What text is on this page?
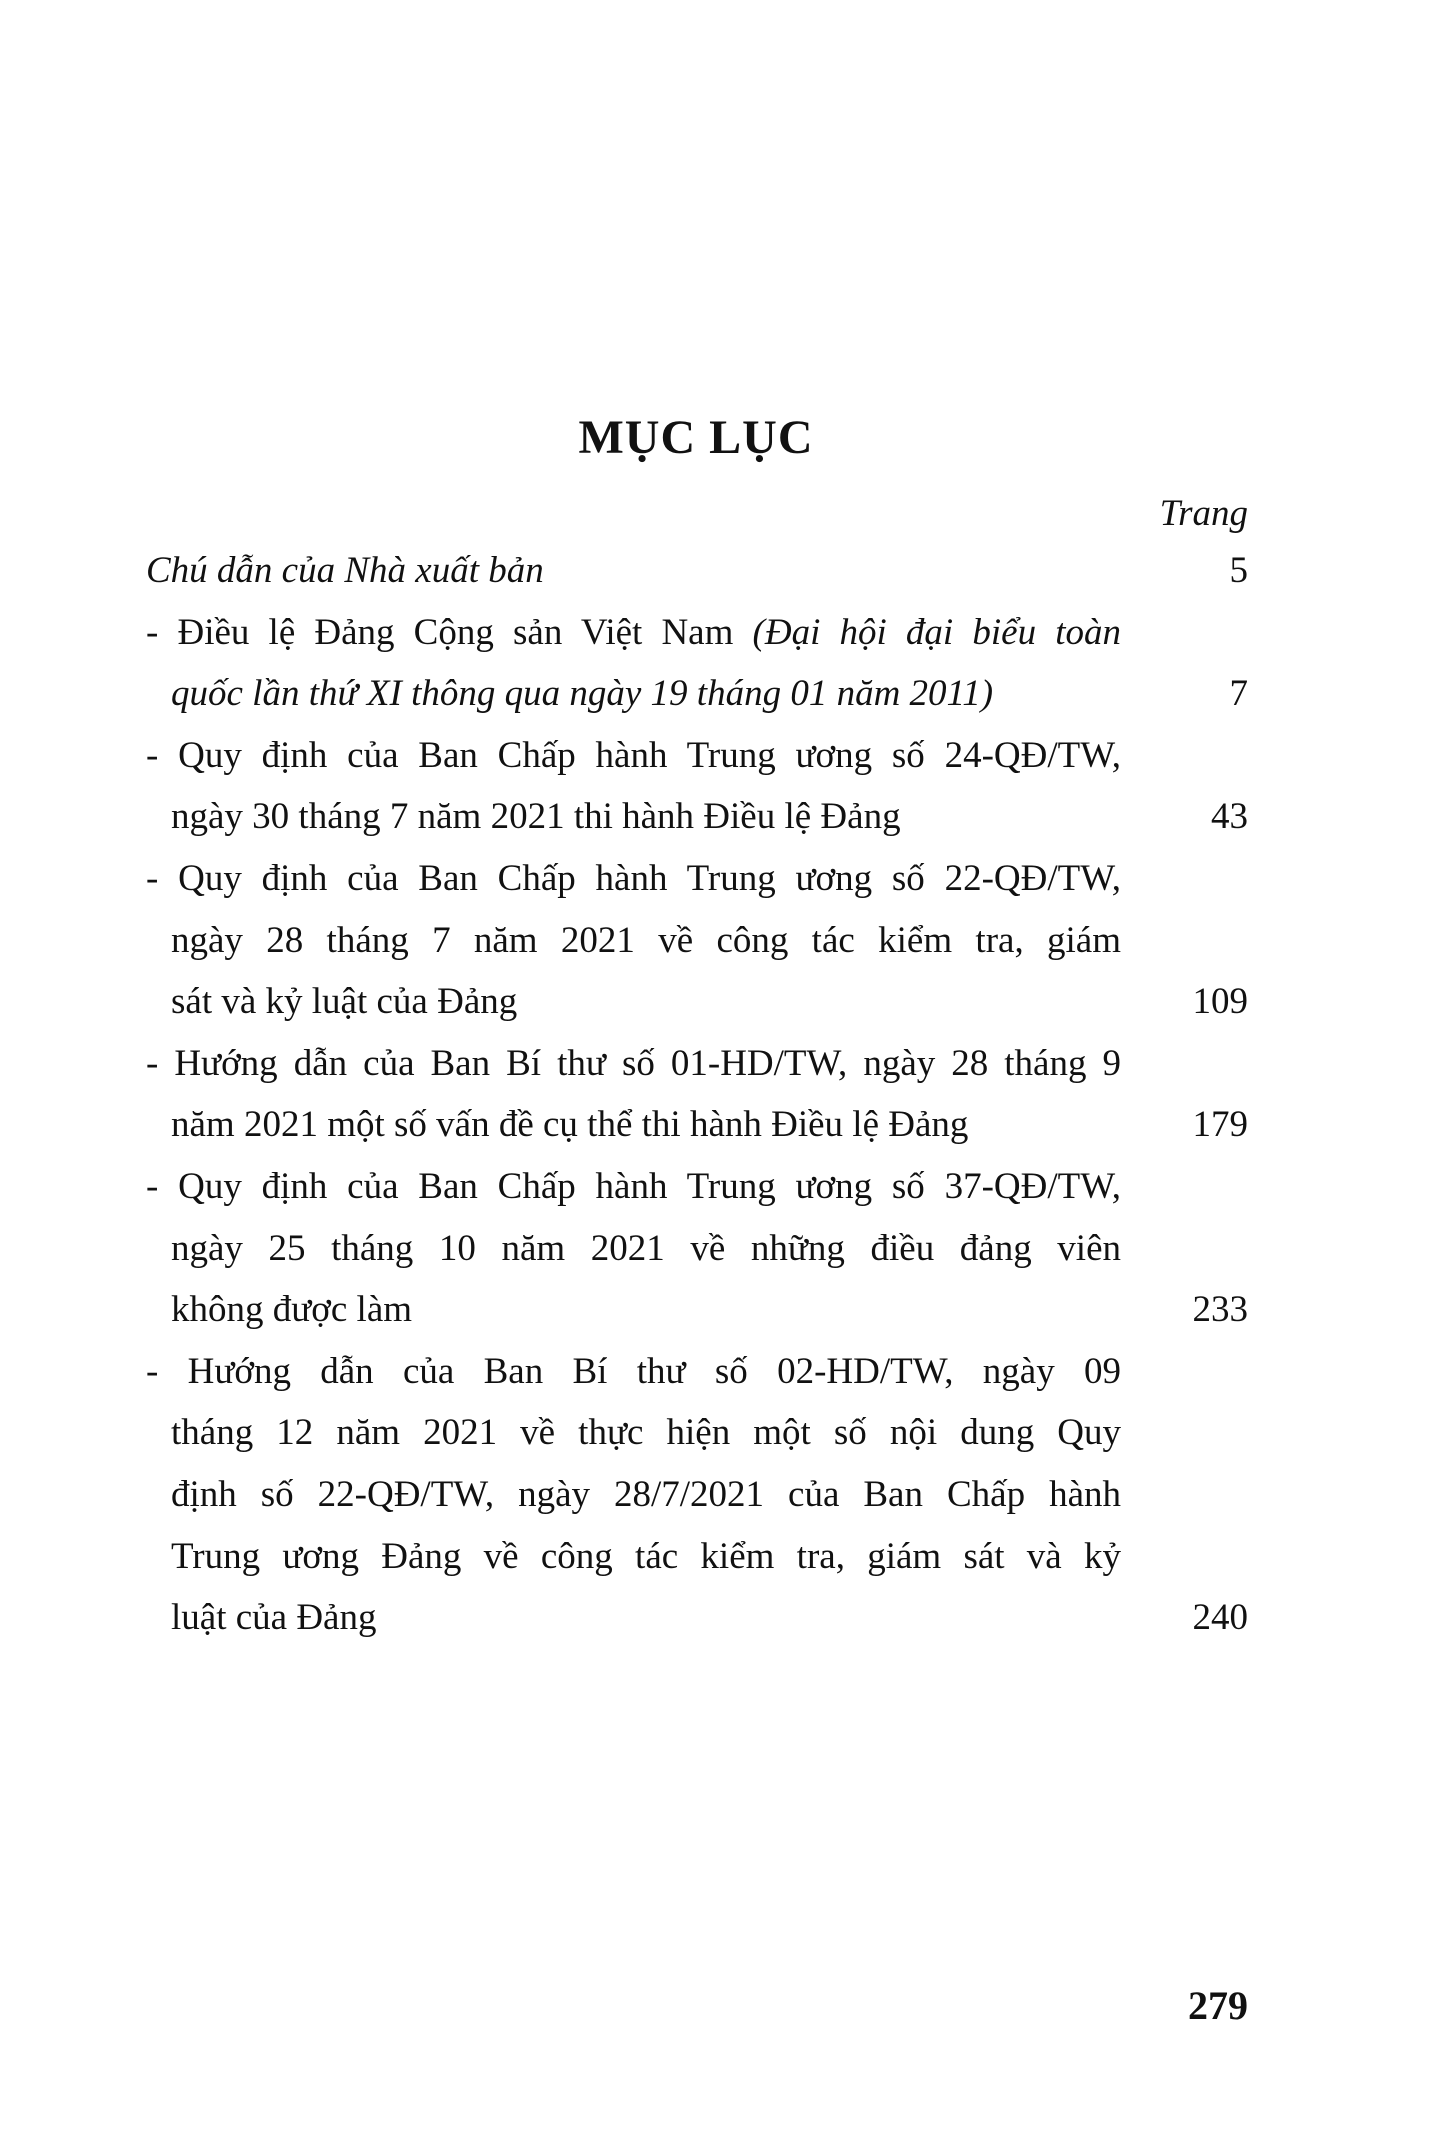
MỤC LỤC
Trang
Chú dẫn của Nhà xuất bản	5
- Điều lệ Đảng Cộng sản Việt Nam (Đại hội đại biểu toàn
quốc lần thứ XI thông qua ngày 19 tháng 01 năm 2011)	7
- Quy định của Ban Chấp hành Trung ương số 24-QĐ/TW,
ngày 30 tháng 7 năm 2021 thi hành Điều lệ Đảng	43
- Quy định của Ban Chấp hành Trung ương số 22-QĐ/TW,
ngày 28 tháng 7 năm 2021 về công tác kiểm tra, giám
sát và kỷ luật của Đảng	109
- Hướng dẫn của Ban Bí thư số 01-HD/TW, ngày 28 tháng 9
năm 2021 một số vấn đề cụ thể thi hành Điều lệ Đảng	179
- Quy định của Ban Chấp hành Trung ương số 37-QĐ/TW,
ngày 25 tháng 10 năm 2021 về những điều đảng viên
không được làm	233
- Hướng dẫn của Ban Bí thư số 02-HD/TW, ngày 09
tháng 12 năm 2021 về thực hiện một số nội dung Quy
định số 22-QĐ/TW, ngày 28/7/2021 của Ban Chấp hành
Trung ương Đảng về công tác kiểm tra, giám sát và kỷ
luật của Đảng	240
279
